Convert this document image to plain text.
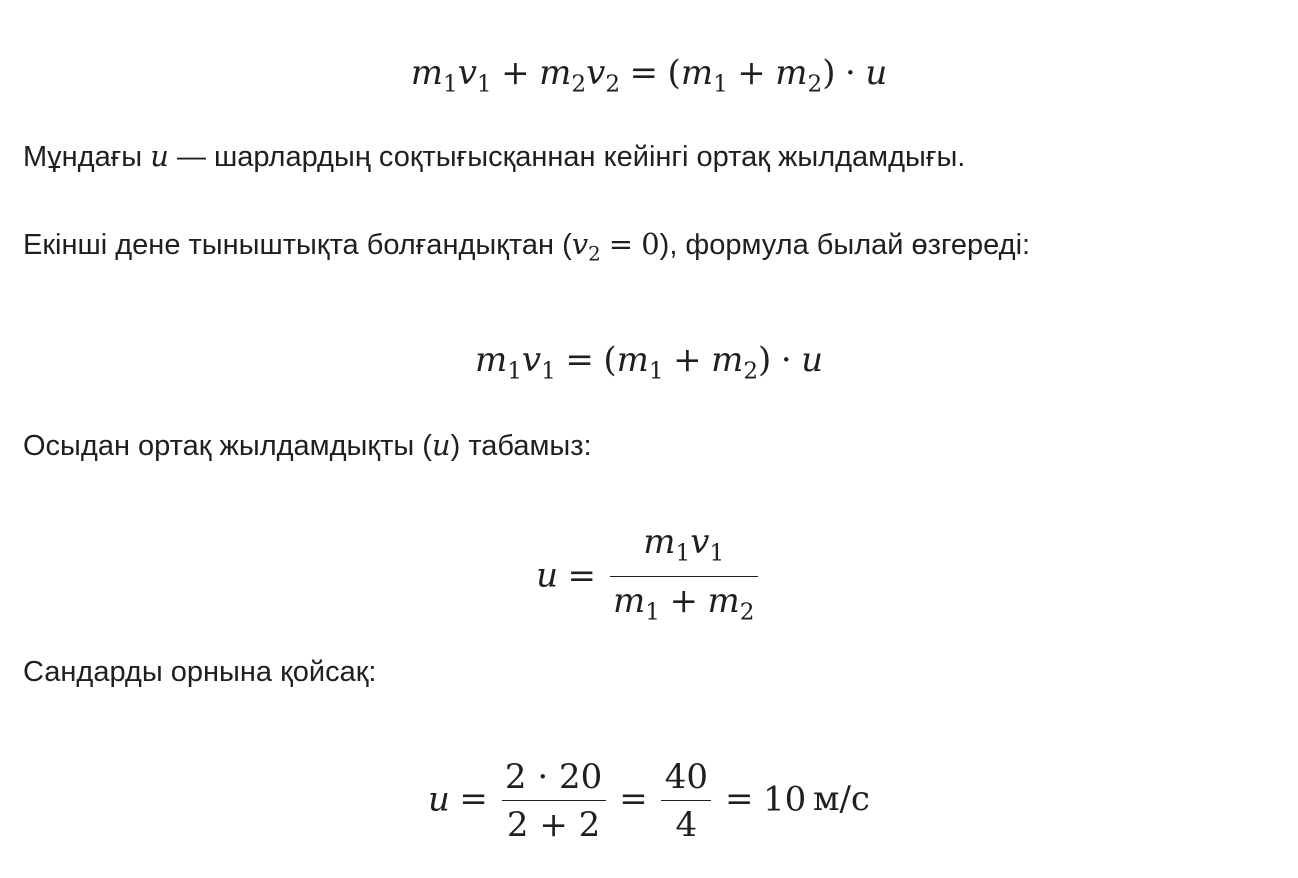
$m_1v_1 + m_2v_2 = (m_1 + m_2) \cdot u$
Мұндағы u — шарлардың соқтығысқаннан кейінгі ортақ жылдамдығы.
Екінші дене тыныштықта болғандықтан $(v_2 = 0)$, формула былай өзгереді:
$m_1v_1 = (m_1 + m_2) \cdot u$
Осыдан ортақ жылдамдықты (u) табамыз:
$u = \frac{m_1v_1}{m_1 + m_2}$
Сандарды орнына қойсақ:
$u = \frac{2 \cdot 20}{2 + 2} = \frac{40}{4} = 10$ м/с
